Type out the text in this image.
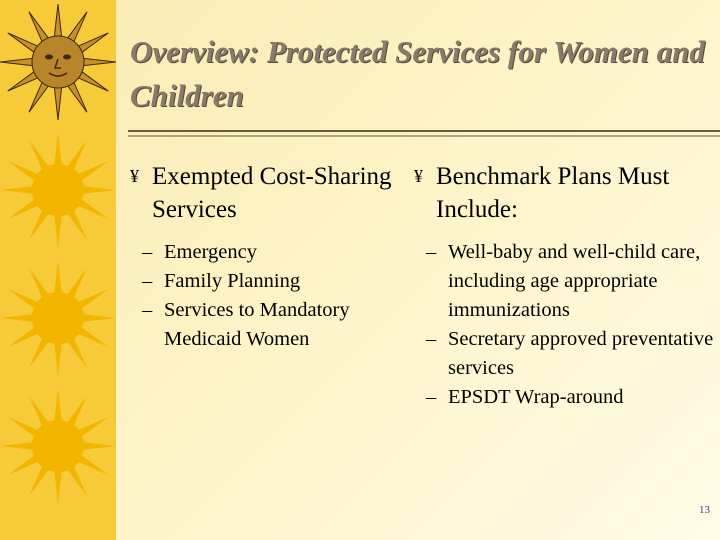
Overview: Protected Services for Women and Children
¥ Exempted Cost-Sharing Services
– Emergency
– Family Planning
– Services to Mandatory Medicaid Women
¥ Benchmark Plans Must Include:
– Well-baby and well-child care, including age appropriate immunizations
– Secretary approved preventative services
– EPSDT Wrap-around
13
